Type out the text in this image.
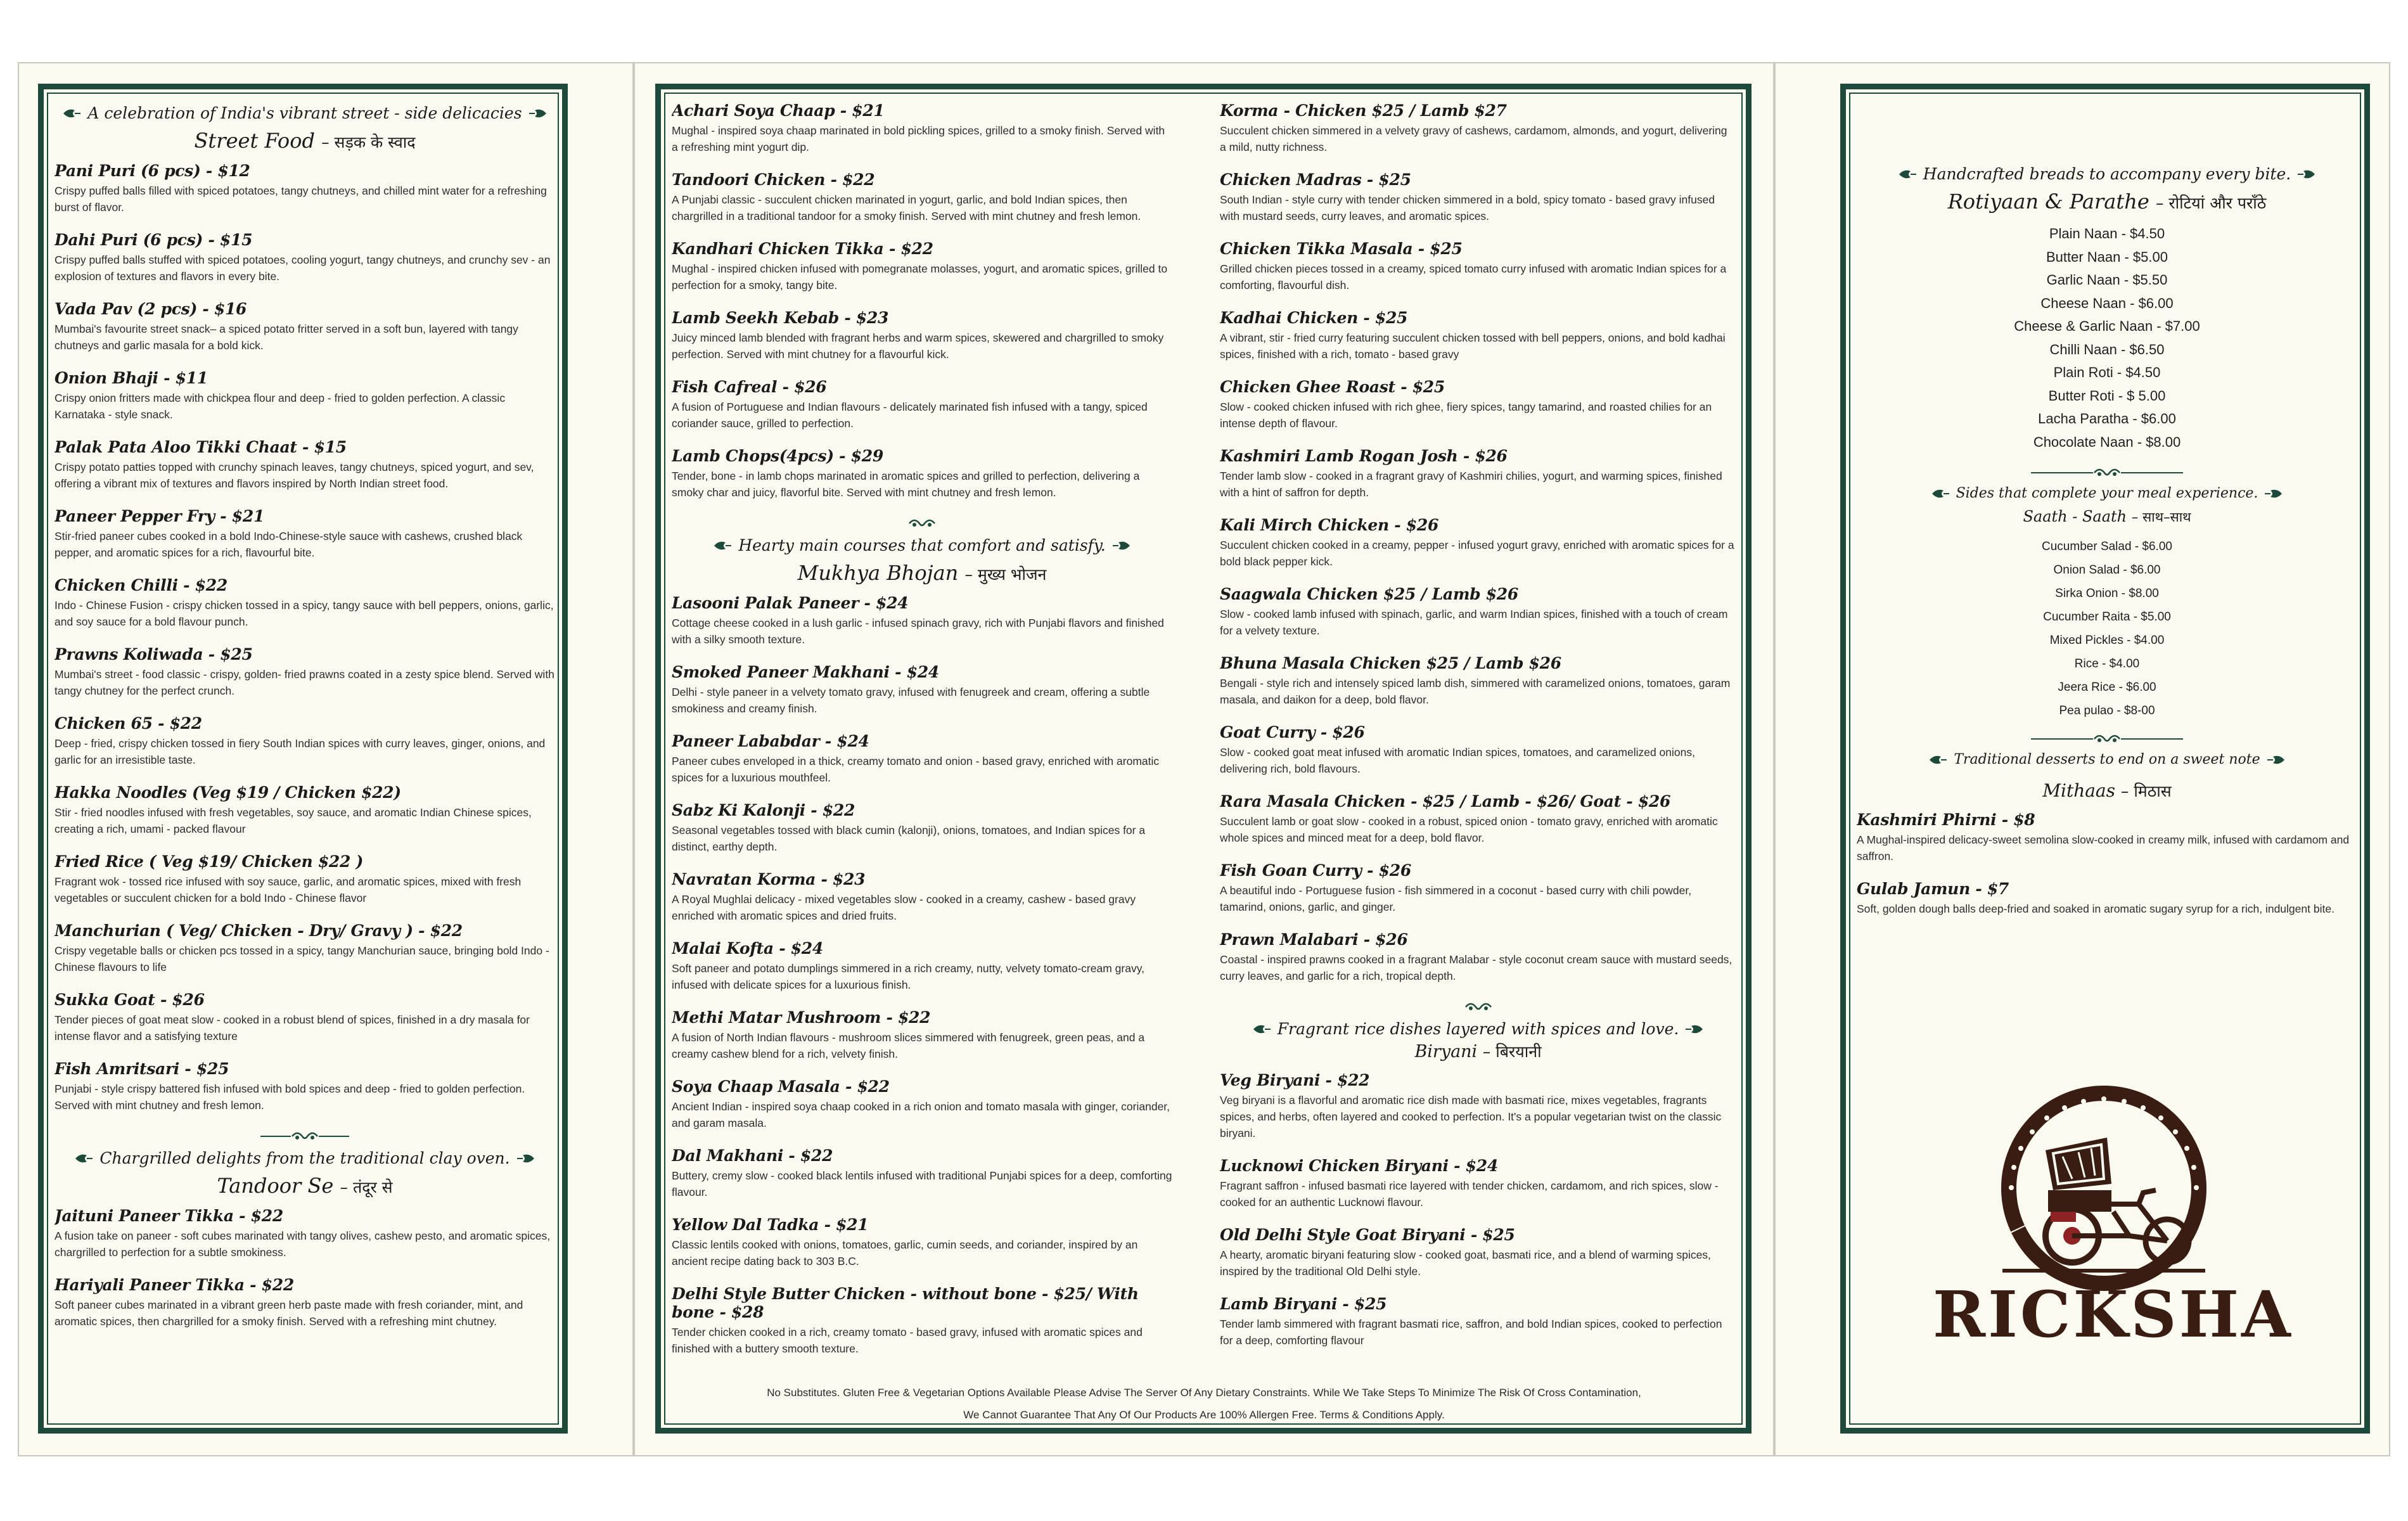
A celebration of India's vibrant street - side delicacies
Street Food – सड़क के स्वाद
Pani Puri (6 pcs) - $12
Crispy puffed balls filled with spiced potatoes, tangy chutneys, and chilled mint water for a refreshing burst of flavor.
Dahi Puri (6 pcs) - $15
Crispy puffed balls stuffed with spiced potatoes, cooling yogurt, tangy chutneys, and crunchy sev - an explosion of textures and flavors in every bite.
Vada Pav (2 pcs) - $16
Mumbai's favourite street snack– a spiced potato fritter served in a soft bun, layered with tangy chutneys and garlic masala for a bold kick.
Onion Bhaji - $11
Crispy onion fritters made with chickpea flour and deep - fried to golden perfection. A classic Karnataka - style snack.
Palak Pata Aloo Tikki Chaat - $15
Crispy potato patties topped with crunchy spinach leaves, tangy chutneys, spiced yogurt, and sev, offering a vibrant mix of textures and flavors inspired by North Indian street food.
Paneer Pepper Fry - $21
Stir-fried paneer cubes cooked in a bold Indo-Chinese-style sauce with cashews, crushed black pepper, and aromatic spices for a rich, flavourful bite.
Chicken Chilli - $22
Indo - Chinese Fusion - crispy chicken tossed in a spicy, tangy sauce with bell peppers, onions, garlic, and soy sauce for a bold flavour punch.
Prawns Koliwada - $25
Mumbai's street - food classic - crispy, golden- fried prawns coated in a zesty spice blend. Served with tangy chutney for the perfect crunch.
Chicken 65 - $22
Deep - fried, crispy chicken tossed in fiery South Indian spices with curry leaves, ginger, onions, and garlic for an irresistible taste.
Hakka Noodles (Veg $19 / Chicken $22)
Stir - fried noodles infused with fresh vegetables, soy sauce, and aromatic Indian Chinese spices, creating a rich, umami - packed flavour
Fried Rice ( Veg $19/ Chicken $22 )
Fragrant wok - tossed rice infused with soy sauce, garlic, and aromatic spices, mixed with fresh vegetables or succulent chicken for a bold Indo - Chinese flavor
Manchurian ( Veg/ Chicken - Dry/ Gravy ) - $22
Crispy vegetable balls or chicken pcs tossed in a spicy, tangy Manchurian sauce, bringing bold Indo - Chinese flavours to life
Sukka Goat - $26
Tender pieces of goat meat slow - cooked in a robust blend of spices, finished in a dry masala for intense flavor and a satisfying texture
Fish Amritsari - $25
Punjabi - style crispy battered fish infused with bold spices and deep - fried to golden perfection. Served with mint chutney and fresh lemon.
Chargrilled delights from the traditional clay oven.
Tandoor Se – तंदूर से
Jaituni Paneer Tikka - $22
A fusion take on paneer - soft cubes marinated with tangy olives, cashew pesto, and aromatic spices, chargrilled to perfection for a subtle smokiness.
Hariyali Paneer Tikka - $22
Soft paneer cubes marinated in a vibrant green herb paste made with fresh coriander, mint, and aromatic spices, then chargrilled for a smoky finish. Served with a refreshing mint chutney.
Achari Soya Chaap - $21
Mughal - inspired soya chaap marinated in bold pickling spices, grilled to a smoky finish. Served with a refreshing mint yogurt dip.
Tandoori Chicken - $22
A Punjabi classic - succulent chicken marinated in yogurt, garlic, and bold Indian spices, then chargrilled in a traditional tandoor for a smoky finish. Served with mint chutney and fresh lemon.
Kandhari Chicken Tikka - $22
Mughal - inspired chicken infused with pomegranate molasses, yogurt, and aromatic spices, grilled to perfection for a smoky, tangy bite.
Lamb Seekh Kebab - $23
Juicy minced lamb blended with fragrant herbs and warm spices, skewered and chargrilled to smoky perfection. Served with mint chutney for a flavourful kick.
Fish Cafreal - $26
A fusion of Portuguese and Indian flavours - delicately marinated fish infused with a tangy, spiced coriander sauce, grilled to perfection.
Lamb Chops(4pcs) - $29
Tender, bone - in lamb chops marinated in aromatic spices and grilled to perfection, delivering a smoky char and juicy, flavorful bite. Served with mint chutney and fresh lemon.
Hearty main courses that comfort and satisfy.
Mukhya Bhojan – मुख्य भोजन
Lasooni Palak Paneer - $24
Cottage cheese cooked in a lush garlic - infused spinach gravy, rich with Punjabi flavors and finished with a silky smooth texture.
Smoked Paneer Makhani - $24
Delhi - style paneer in a velvety tomato gravy, infused with fenugreek and cream, offering a subtle smokiness and creamy finish.
Paneer Lababdar - $24
Paneer cubes enveloped in a thick, creamy tomato and onion - based gravy, enriched with aromatic spices for a luxurious mouthfeel.
Sabz Ki Kalonji - $22
Seasonal vegetables tossed with black cumin (kalonji), onions, tomatoes, and Indian spices for a distinct, earthy depth.
Navratan Korma - $23
A Royal Mughlai delicacy - mixed vegetables slow - cooked in a creamy, cashew - based gravy enriched with aromatic spices and dried fruits.
Malai Kofta - $24
Soft paneer and potato dumplings simmered in a rich creamy, nutty, velvety tomato-cream gravy, infused with delicate spices for a luxurious finish.
Methi Matar Mushroom - $22
A fusion of North Indian flavours - mushroom slices simmered with fenugreek, green peas, and a creamy cashew blend for a rich, velvety finish.
Soya Chaap Masala - $22
Ancient Indian - inspired soya chaap cooked in a rich onion and tomato masala with ginger, coriander, and garam masala.
Dal Makhani - $22
Buttery, cremy slow - cooked black lentils infused with traditional Punjabi spices for a deep, comforting flavour.
Yellow Dal Tadka - $21
Classic lentils cooked with onions, tomatoes, garlic, cumin seeds, and coriander, inspired by an ancient recipe dating back to 303 B.C.
Delhi Style Butter Chicken - without bone - $25/ With bone - $28
Tender chicken cooked in a rich, creamy tomato - based gravy, infused with aromatic spices and finished with a buttery smooth texture.
Korma - Chicken $25 / Lamb $27
Succulent chicken simmered in a velvety gravy of cashews, cardamom, almonds, and yogurt, delivering a mild, nutty richness.
Chicken Madras - $25
South Indian - style curry with tender chicken simmered in a bold, spicy tomato - based gravy infused with mustard seeds, curry leaves, and aromatic spices.
Chicken Tikka Masala - $25
Grilled chicken pieces tossed in a creamy, spiced tomato curry infused with aromatic Indian spices for a comforting, flavourful dish.
Kadhai Chicken - $25
A vibrant, stir - fried curry featuring succulent chicken tossed with bell peppers, onions, and bold kadhai spices, finished with a rich, tomato - based gravy
Chicken Ghee Roast - $25
Slow - cooked chicken infused with rich ghee, fiery spices, tangy tamarind, and roasted chilies for an intense depth of flavour.
Kashmiri Lamb Rogan Josh - $26
Tender lamb slow - cooked in a fragrant gravy of Kashmiri chilies, yogurt, and warming spices, finished with a hint of saffron for depth.
Kali Mirch Chicken - $26
Succulent chicken cooked in a creamy, pepper - infused yogurt gravy, enriched with aromatic spices for a bold black pepper kick.
Saagwala Chicken $25 / Lamb $26
Slow - cooked lamb infused with spinach, garlic, and warm Indian spices, finished with a touch of cream for a velvety texture.
Bhuna Masala Chicken $25 / Lamb $26
Bengali - style rich and intensely spiced lamb dish, simmered with caramelized onions, tomatoes, garam masala, and daikon for a deep, bold flavor.
Goat Curry - $26
Slow - cooked goat meat infused with aromatic Indian spices, tomatoes, and caramelized onions, delivering rich, bold flavours.
Rara Masala Chicken - $25 / Lamb - $26/ Goat - $26
Succulent lamb or goat slow - cooked in a robust, spiced onion - tomato gravy, enriched with aromatic whole spices and minced meat for a deep, bold flavor.
Fish Goan Curry - $26
A beautiful indo - Portuguese fusion - fish simmered in a coconut - based curry with chili powder, tamarind, onions, garlic, and ginger.
Prawn Malabari - $26
Coastal - inspired prawns cooked in a fragrant Malabar - style coconut cream sauce with mustard seeds, curry leaves, and garlic for a rich, tropical depth.
Fragrant rice dishes layered with spices and love.
Biryani – बिरयानी
Veg Biryani - $22
Veg biryani is a flavorful and aromatic rice dish made with basmati rice, mixes vegetables, fragrants spices, and herbs, often layered and cooked to perfection. It's a popular vegetarian twist on the classic biryani.
Lucknowi Chicken Biryani - $24
Fragrant saffron - infused basmati rice layered with tender chicken, cardamom, and rich spices, slow - cooked for an authentic Lucknowi flavour.
Old Delhi Style Goat Biryani - $25
A hearty, aromatic biryani featuring slow - cooked goat, basmati rice, and a blend of warming spices, inspired by the traditional Old Delhi style.
Lamb Biryani - $25
Tender lamb simmered with fragrant basmati rice, saffron, and bold Indian spices, cooked to perfection for a deep, comforting flavour
No Substitutes. Gluten Free & Vegetarian Options Available Please Advise The Server Of Any Dietary Constraints. While We Take Steps To Minimize The Risk Of Cross Contamination,
We Cannot Guarantee That Any Of Our Products Are 100% Allergen Free. Terms & Conditions Apply.
Handcrafted breads to accompany every bite.
Rotiyaan & Parathe – रोटियां और पराँठे
Plain Naan - $4.50
Butter Naan - $5.00
Garlic Naan - $5.50
Cheese Naan - $6.00
Cheese & Garlic Naan - $7.00
Chilli Naan - $6.50
Plain Roti - $4.50
Butter Roti - $ 5.00
Lacha Paratha - $6.00
Chocolate Naan - $8.00
Sides that complete your meal experience.
Saath - Saath – साथ–साथ
Cucumber Salad - $6.00
Onion Salad - $6.00
Sirka Onion - $8.00
Cucumber Raita - $5.00
Mixed Pickles - $4.00
Rice - $4.00
Jeera Rice - $6.00
Pea pulao - $8-00
Traditional desserts to end on a sweet note
Mithaas – मिठास
Kashmiri Phirni - $8
A Mughal-inspired delicacy-sweet semolina slow-cooked in creamy milk, infused with cardamom and saffron.
Gulab Jamun - $7
Soft, golden dough balls deep-fried and soaked in aromatic sugary syrup for a rich, indulgent bite.
RICKSHA
